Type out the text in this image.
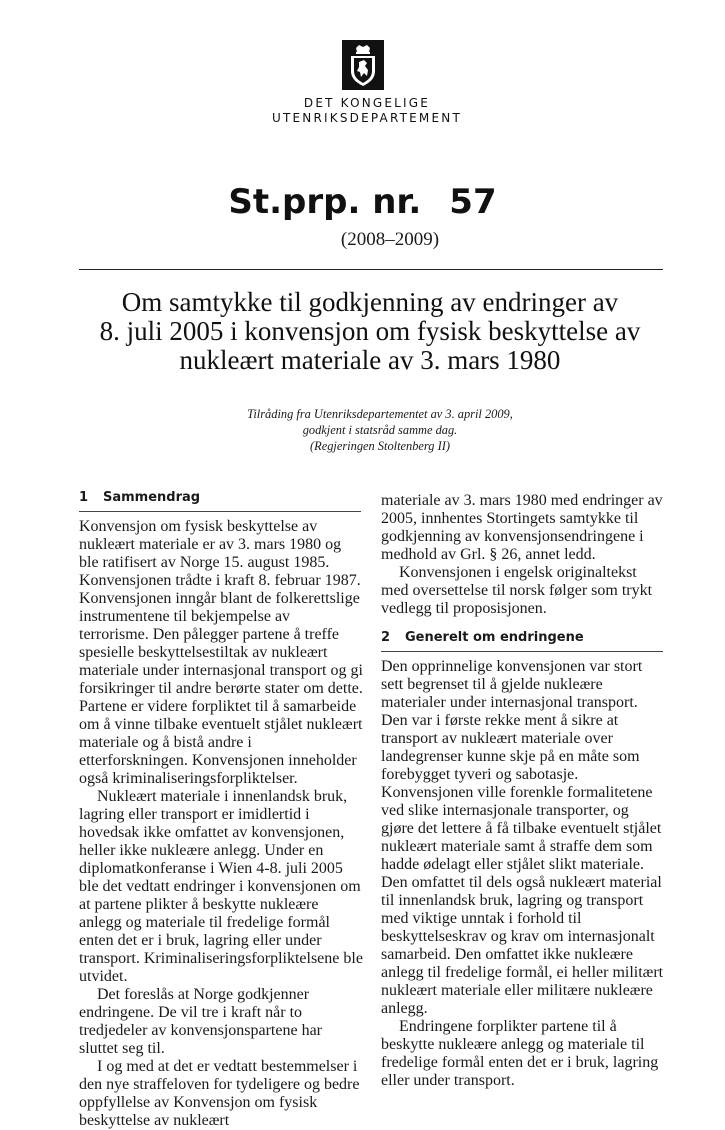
DET KONGELIGE
UTENRIKSDEPARTEMENT
St.prp. nr. 57
(2008–2009)
Om samtykke til godkjenning av endringer av
8. juli 2005 i konvensjon om fysisk beskyttelse av
nukleært materiale av 3. mars 1980
Tilråding fra Utenriksdepartementet av 3. april 2009,
godkjent i statsråd samme dag.
(Regjeringen Stoltenberg II)
1 Sammendrag

Konvensjon om fysisk beskyttelse av nukleært materiale er av 3. mars 1980 og ble ratifisert av Norge 15. august 1985. Konvensjonen trådte i kraft 8. februar 1987. Konvensjonen inngår blant de folkerettslige instrumentene til bekjempelse av terrorisme. Den pålegger partene å treffe spesielle beskyttelsestiltak av nukleært materiale under internasjonal transport og gi forsikringer til andre berørte stater om dette. Partene er videre forpliktet til å samarbeide om å vinne tilbake eventuelt stjålet nukleært materiale og å bistå andre i etterforskningen. Konvensjonen inneholder også kriminaliseringsforpliktelser.

Nukleært materiale i innenlandsk bruk, lagring eller transport er imidlertid i hovedsak ikke omfattet av konvensjonen, heller ikke nukleære anlegg. Under en diplomatkonferanse i Wien 4-8. juli 2005 ble det vedtatt endringer i konvensjonen om at partene plikter å beskytte nukleære anlegg og materiale til fredelige formål enten det er i bruk, lagring eller under transport. Kriminaliseringsforpliktelsene ble utvidet.

Det foreslås at Norge godkjenner endringene. De vil tre i kraft når to tredjedeler av konvensjonspartene har sluttet seg til.

I og med at det er vedtatt bestemmelser i den nye straffeloven for tydeligere og bedre oppfyllelse av Konvensjon om fysisk beskyttelse av nukleært

materiale av 3. mars 1980 med endringer av 2005, innhentes Stortingets samtykke til godkjenning av konvensjonsendringene i medhold av Grl. § 26, annet ledd.

Konvensjonen i engelsk originaltekst med oversettelse til norsk følger som trykt vedlegg til proposisjonen.

2 Generelt om endringene

Den opprinnelige konvensjonen var stort sett begrenset til å gjelde nukleære materialer under internasjonal transport. Den var i første rekke ment å sikre at transport av nukleært materiale over landegrenser kunne skje på en måte som forebygget tyveri og sabotasje. Konvensjonen ville forenkle formalitetene ved slike internasjonale transporter, og gjøre det lettere å få tilbake eventuelt stjålet nukleært materiale samt å straffe dem som hadde ødelagt eller stjålet slikt materiale. Den omfattet til dels også nukleært material til innenlandsk bruk, lagring og transport med viktige unntak i forhold til beskyttelseskrav og krav om internasjonalt samarbeid. Den omfattet ikke nukleære anlegg til fredelige formål, ei heller militært nukleært materiale eller militære nukleære anlegg.

Endringene forplikter partene til å beskytte nukleære anlegg og materiale til fredelige formål enten det er i bruk, lagring eller under transport.
